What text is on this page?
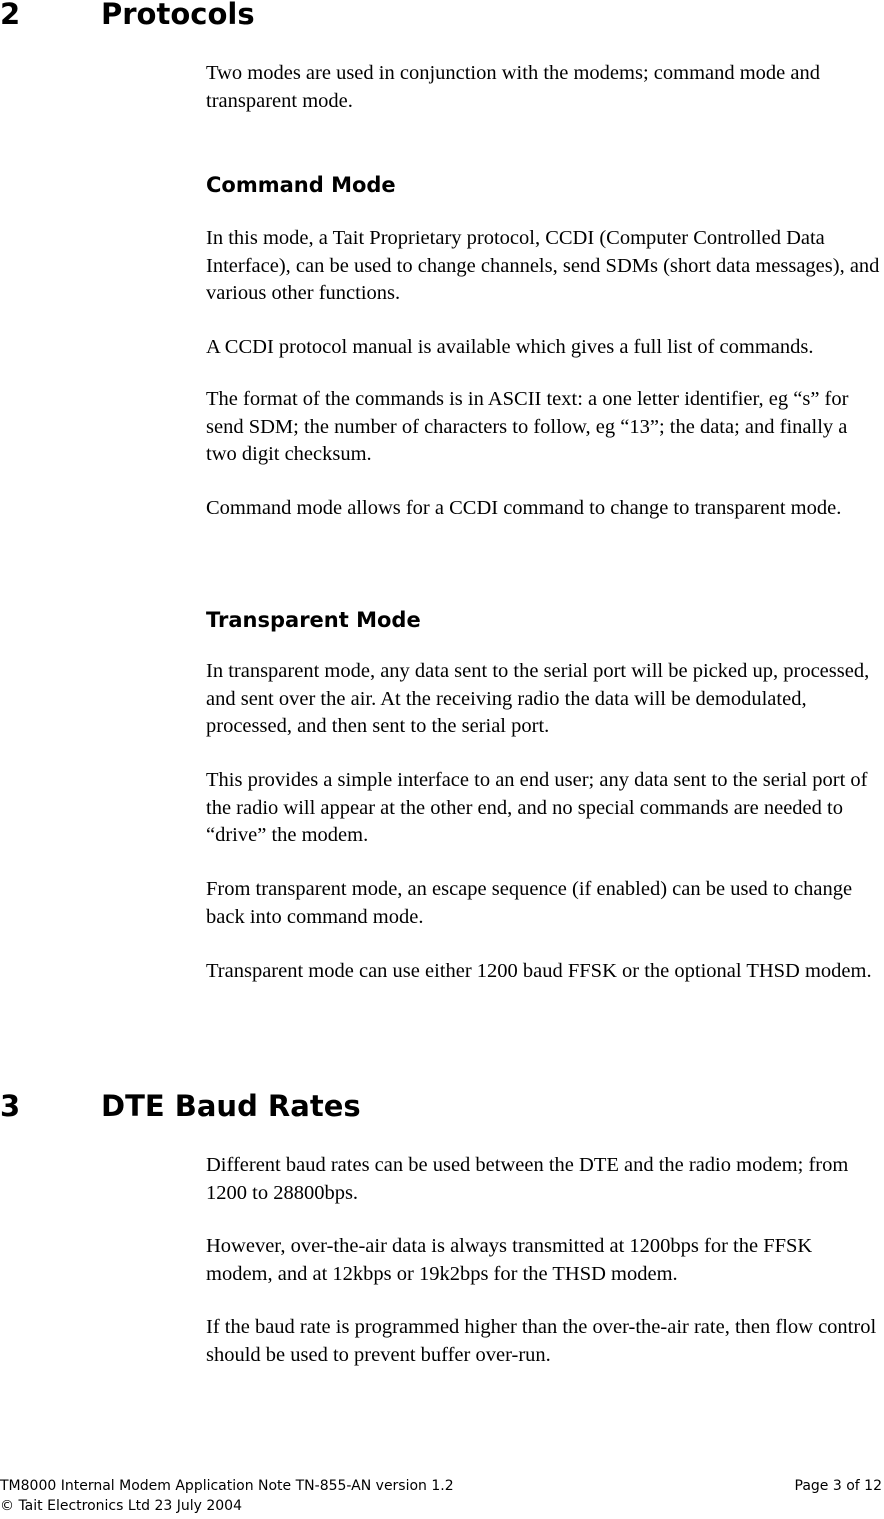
2	Protocols

Two modes are used in conjunction with the modems; command mode and transparent mode.

Command Mode

In this mode, a Tait Proprietary protocol, CCDI (Computer Controlled Data Interface), can be used to change channels, send SDMs (short data messages), and various other functions.

A CCDI protocol manual is available which gives a full list of commands.

The format of the commands is in ASCII text: a one letter identifier, eg “s” for send SDM; the number of characters to follow, eg “13”; the data; and finally a two digit checksum.

Command mode allows for a CCDI command to change to transparent mode.

Transparent Mode

In transparent mode, any data sent to the serial port will be picked up, processed, and sent over the air. At the receiving radio the data will be demodulated, processed, and then sent to the serial port.

This provides a simple interface to an end user; any data sent to the serial port of the radio will appear at the other end, and no special commands are needed to “drive” the modem.

From transparent mode, an escape sequence (if enabled) can be used to change back into command mode.

Transparent mode can use either 1200 baud FFSK or the optional THSD modem.

3	DTE Baud Rates

Different baud rates can be used between the DTE and the radio modem; from 1200 to 28800bps.

However, over-the-air data is always transmitted at 1200bps for the FFSK modem, and at 12kbps or 19k2bps for the THSD modem.

If the baud rate is programmed higher than the over-the-air rate, then flow control should be used to prevent buffer over-run.

TM8000 Internal Modem Application Note TN-855-AN version 1.2	Page 3 of 12
© Tait Electronics Ltd 23 July 2004
